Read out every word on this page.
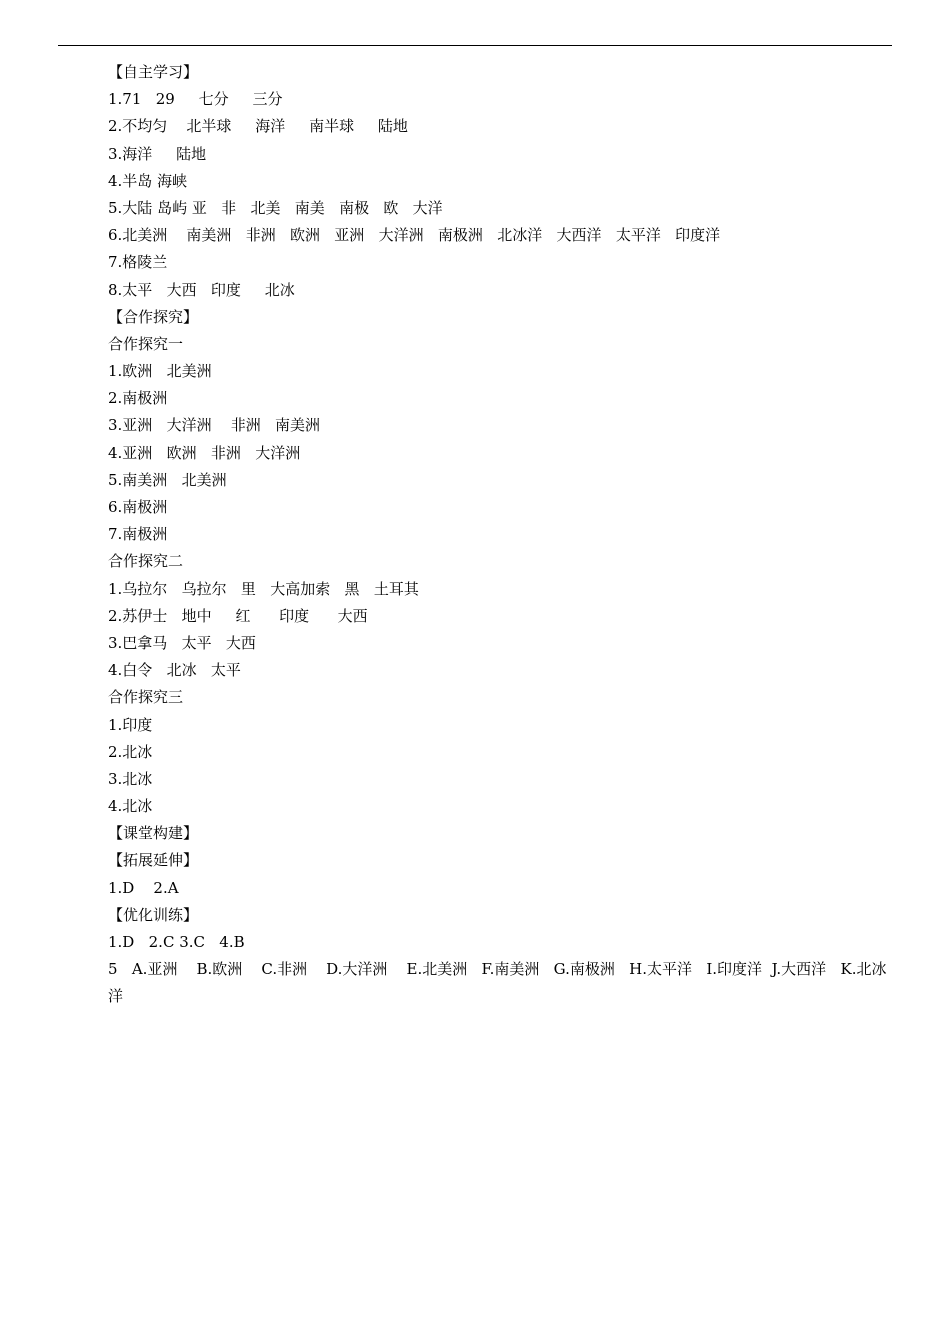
【自主学习】
1.71   29     七分     三分
2.不均匀    北半球     海洋     南半球     陆地
3.海洋     陆地
4.半岛 海峡
5.大陆 岛屿 亚   非   北美   南美   南极   欧   大洋
6.北美洲    南美洲   非洲   欧洲   亚洲   大洋洲   南极洲   北冰洋   大西洋   太平洋   印度洋
7.格陵兰
8.太平   大西   印度     北冰
【合作探究】
合作探究一
1.欧洲   北美洲
2.南极洲
3.亚洲   大洋洲    非洲   南美洲
4.亚洲   欧洲   非洲   大洋洲
5.南美洲   北美洲
6.南极洲
7.南极洲
合作探究二
1.乌拉尔   乌拉尔   里   大高加索   黑   土耳其
2.苏伊士   地中     红      印度      大西
3.巴拿马   太平   大西
4.白令   北冰   太平
合作探究三
1.印度
2.北冰
3.北冰
4.北冰
【课堂构建】
【拓展延伸】
1.D    2.A
【优化训练】
1.D   2.C 3.C   4.B
5   A.亚洲    B.欧洲    C.非洲    D.大洋洲    E.北美洲   F.南美洲   G.南极洲   H.太平洋   I.印度洋  J.大西洋   K.北冰洋
